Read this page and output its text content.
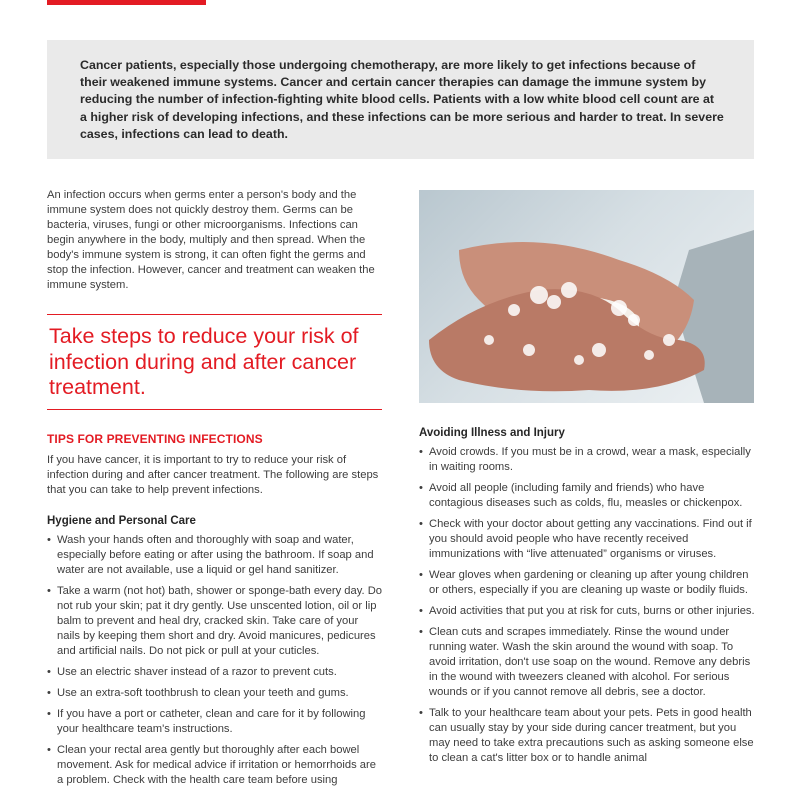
Cancer patients, especially those undergoing chemotherapy, are more likely to get infections because of their weakened immune systems. Cancer and certain cancer therapies can damage the immune system by reducing the number of infection-fighting white blood cells. Patients with a low white blood cell count are at a higher risk of developing infections, and these infections can be more serious and harder to treat. In severe cases, infections can lead to death.

An infection occurs when germs enter a person's body and the immune system does not quickly destroy them. Germs can be bacteria, viruses, fungi or other microorganisms. Infections can begin anywhere in the body, multiply and then spread. When the body's immune system is strong, it can often fight the germs and stop the infection. However, cancer and treatment can weaken the immune system.

Take steps to reduce your risk of infection during and after cancer treatment.

TIPS FOR PREVENTING INFECTIONS

If you have cancer, it is important to try to reduce your risk of infection during and after cancer treatment. The following are steps that you can take to help prevent infections.

Hygiene and Personal Care
• Wash your hands often and thoroughly with soap and water, especially before eating or after using the bathroom. If soap and water are not available, use a liquid or gel hand sanitizer.
• Take a warm (not hot) bath, shower or sponge-bath every day. Do not rub your skin; pat it dry gently. Use unscented lotion, oil or lip balm to prevent and heal dry, cracked skin. Take care of your nails by keeping them short and dry. Avoid manicures, pedicures and artificial nails. Do not pick or pull at your cuticles.
• Use an electric shaver instead of a razor to prevent cuts.
• Use an extra-soft toothbrush to clean your teeth and gums.
• If you have a port or catheter, clean and care for it by following your healthcare team's instructions.
• Clean your rectal area gently but thoroughly after each bowel movement. Ask for medical advice if irritation or hemorrhoids are a problem. Check with the health care team before using
Avoiding Illness and Injury
• Avoid crowds. If you must be in a crowd, wear a mask, especially in waiting rooms.
• Avoid all people (including family and friends) who have contagious diseases such as colds, flu, measles or chickenpox.
• Check with your doctor about getting any vaccinations. Find out if you should avoid people who have recently received immunizations with “live attenuated” organisms or viruses.
• Wear gloves when gardening or cleaning up after young children or others, especially if you are cleaning up waste or bodily fluids.
• Avoid activities that put you at risk for cuts, burns or other injuries.
• Clean cuts and scrapes immediately. Rinse the wound under running water. Wash the skin around the wound with soap. To avoid irritation, don't use soap on the wound. Remove any debris in the wound with tweezers cleaned with alcohol. For serious wounds or if you cannot remove all debris, see a doctor.
• Talk to your healthcare team about your pets. Pets in good health can usually stay by your side during cancer treatment, but you may need to take extra precautions such as asking someone else to clean a cat's litter box or to handle animal
